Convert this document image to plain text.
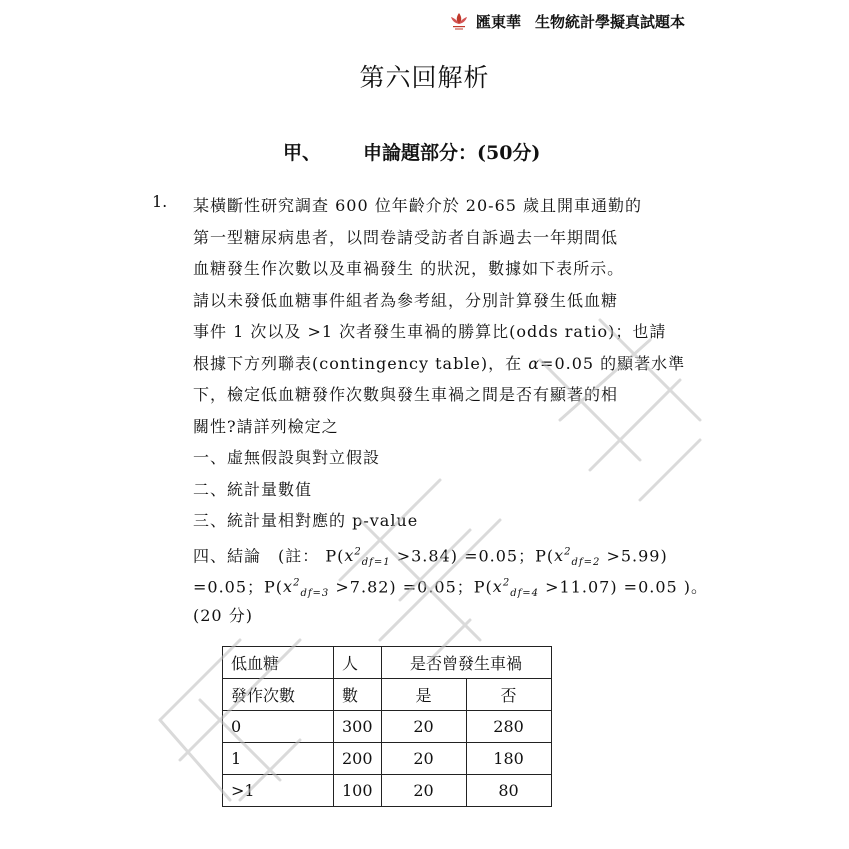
匯東華 生物統計學擬真試題本
第六回解析
甲、 申論題部分：(50分)
1. 某橫斷性研究調查 600 位年齡介於 20-65 歲且開車通勤的
第一型糖尿病患者，以問卷請受訪者自訴過去一年期間低
血糖發生作次數以及車禍發生 的狀況，數據如下表所示。
請以未發低血糖事件組者為參考組，分別計算發生低血糖
事件 1 次以及 >1 次者發生車禍的勝算比(odds ratio)；也請
根據下方列聯表(contingency table)，在 α=0.05 的顯著水準
下，檢定低血糖發作次數與發生車禍之間是否有顯著的相
關性?請詳列檢定之
一、虛無假設與對立假設
二、統計量數值
三、統計量相對應的 p-value
四、結論　(註： $P(x^2_{df=1} >3.84) =0.05$；$P(x^2_{df=2} >5.99)$
=0.05；$P(x^2_{df=3} >7.82) =0.05$；$P(x^2_{df=4} >11.07) =0.05$ )。
(20 分)
低血糖	人	是否曾發生車禍	
發作次數	數	是	否
0	300	20	280
1	200	20	180
>1	100	20	80
